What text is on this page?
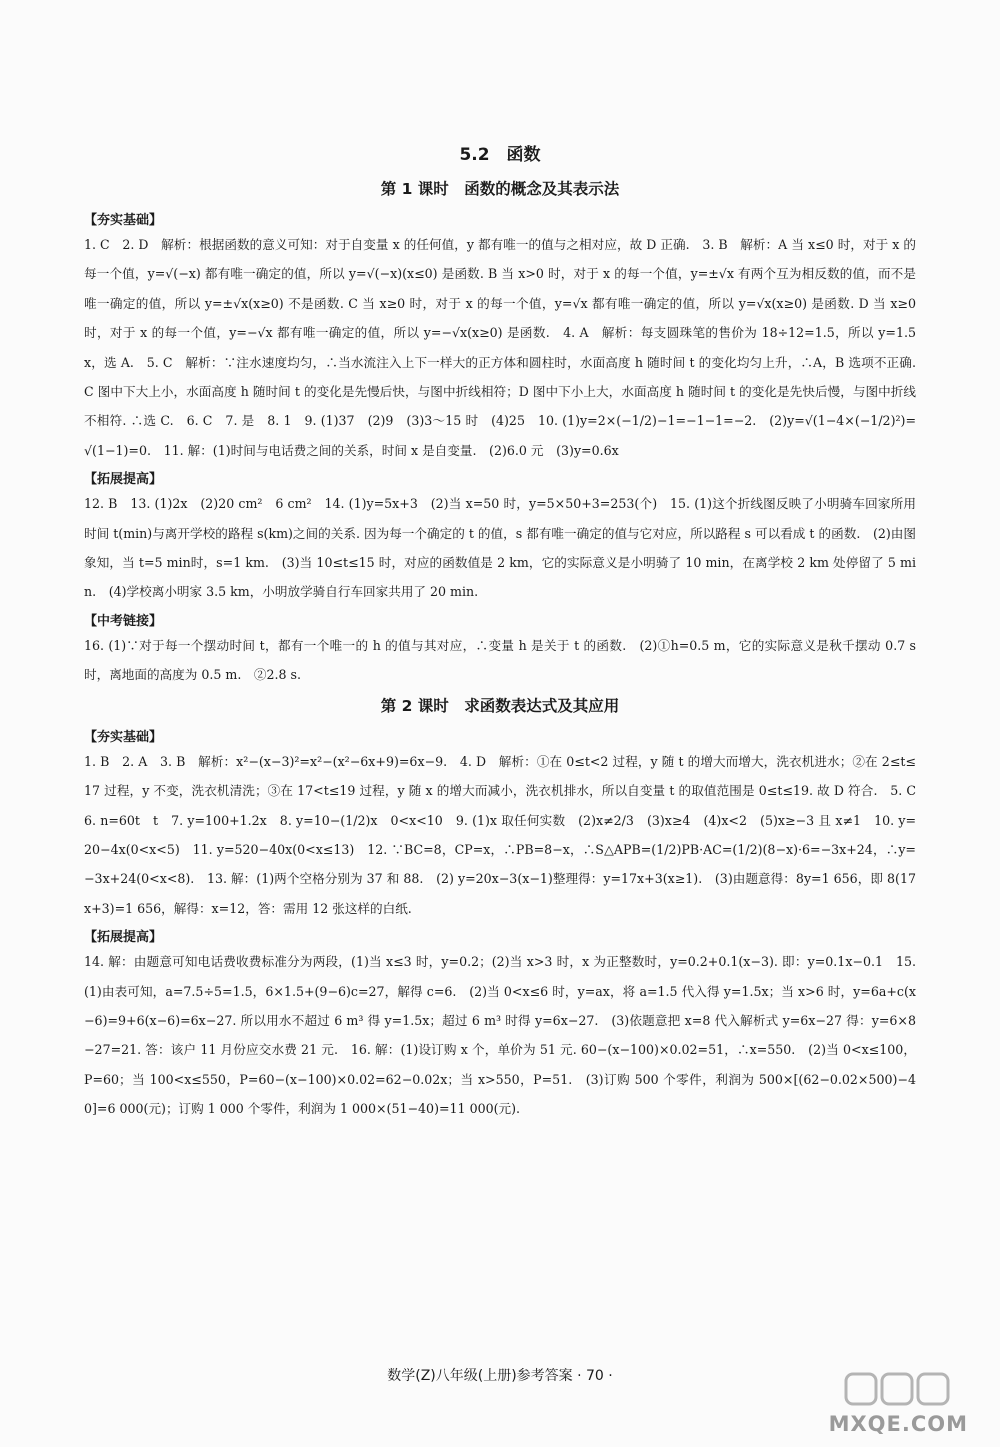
5.2　函数
第 1 课时　函数的概念及其表示法
【夯实基础】

1. C　2. D　解析：根据函数的意义可知：对于自变量 x 的任何值，y 都有唯一的值与之相对应，故 D 正确.　3. B　解析：A 当 x≤0 时，对于 x 的每一个值，y=√(−x) 都有唯一确定的值，所以 y=√(−x)(x≤0) 是函数. B 当 x>0 时，对于 x 的每一个值，y=±√x 有两个互为相反数的值，而不是唯一确定的值，所以 y=±√x(x≥0) 不是函数. C 当 x≥0 时，对于 x 的每一个值，y=√x 都有唯一确定的值，所以 y=√x(x≥0) 是函数. D 当 x≥0 时，对于 x 的每一个值，y=−√x 都有唯一确定的值，所以 y=−√x(x≥0) 是函数.　4. A　解析：每支圆珠笔的售价为 18÷12=1.5，所以 y=1.5x，选 A.　5. C　解析：∵注水速度均匀，∴当水流注入上下一样大的正方体和圆柱时，水面高度 h 随时间 t 的变化均匀上升，∴A，B 选项不正确. C 图中下大上小，水面高度 h 随时间 t 的变化是先慢后快，与图中折线相符；D 图中下小上大，水面高度 h 随时间 t 的变化是先快后慢，与图中折线不相符. ∴选 C.　6. C　7. 是　8. 1　9. (1)37　(2)9　(3)3～15 时　(4)25　10. (1)y=2×(−1/2)−1=−1−1=−2.　(2)y=√(1−4×(−1/2)²)=√(1−1)=0.　11. 解：(1)时间与电话费之间的关系，时间 x 是自变量.　(2)6.0 元　(3)y=0.6x

【拓展提高】

12. B　13. (1)2x　(2)20 cm²　6 cm²　14. (1)y=5x+3　(2)当 x=50 时，y=5×50+3=253(个)　15. (1)这个折线图反映了小明骑车回家所用时间 t(min)与离开学校的路程 s(km)之间的关系. 因为每一个确定的 t 的值，s 都有唯一确定的值与它对应，所以路程 s 可以看成 t 的函数.　(2)由图象知，当 t=5 min时，s=1 km.　(3)当 10≤t≤15 时，对应的函数值是 2 km，它的实际意义是小明骑了 10 min，在离学校 2 km 处停留了 5 min.　(4)学校离小明家 3.5 km，小明放学骑自行车回家共用了 20 min.

【中考链接】

16. (1)∵对于每一个摆动时间 t，都有一个唯一的 h 的值与其对应，∴变量 h 是关于 t 的函数.　(2)①h=0.5 m，它的实际意义是秋千摆动 0.7 s 时，离地面的高度为 0.5 m.　②2.8 s.

第 2 课时　求函数表达式及其应用
【夯实基础】

1. B　2. A　3. B　解析：x²−(x−3)²=x²−(x²−6x+9)=6x−9.　4. D　解析：①在 0≤t<2 过程，y 随 t 的增大而增大，洗衣机进水；②在 2≤t≤17 过程，y 不变，洗衣机清洗；③在 17<t≤19 过程，y 随 x 的增大而减小，洗衣机排水，所以自变量 t 的取值范围是 0≤t≤19. 故 D 符合.　5. C　6. n=60t　t　7. y=100+1.2x　8. y=10−(1/2)x　0<x<10　9. (1)x 取任何实数　(2)x≠2/3　(3)x≥4　(4)x<2　(5)x≥−3 且 x≠1　10. y=20−4x(0<x<5)　11. y=520−40x(0<x≤13)　12. ∵BC=8，CP=x，∴PB=8−x，∴S△APB=(1/2)PB·AC=(1/2)(8−x)·6=−3x+24，∴y=−3x+24(0<x<8).　13. 解：(1)两个空格分别为 37 和 88.　(2) y=20x−3(x−1)整理得：y=17x+3(x≥1).　(3)由题意得：8y=1 656，即 8(17x+3)=1 656，解得：x=12，答：需用 12 张这样的白纸.

【拓展提高】

14. 解：由题意可知电话费收费标准分为两段，(1)当 x≤3 时，y=0.2；(2)当 x>3 时，x 为正整数时，y=0.2+0.1(x−3). 即：y=0.1x−0.1　15. (1)由表可知，a=7.5÷5=1.5，6×1.5+(9−6)c=27，解得 c=6.　(2)当 0<x≤6 时，y=ax，将 a=1.5 代入得 y=1.5x；当 x>6 时，y=6a+c(x−6)=9+6(x−6)=6x−27. 所以用水不超过 6 m³ 得 y=1.5x；超过 6 m³ 时得 y=6x−27.　(3)依题意把 x=8 代入解析式 y=6x−27 得：y=6×8−27=21. 答：该户 11 月份应交水费 21 元.　16. 解：(1)设订购 x 个，单价为 51 元. 60−(x−100)×0.02=51，∴x=550.　(2)当 0<x≤100，P=60；当 100<x≤550，P=60−(x−100)×0.02=62−0.02x；当 x>550，P=51.　(3)订购 500 个零件，利润为 500×[(62−0.02×500)−40]=6 000(元)；订购 1 000 个零件，利润为 1 000×(51−40)=11 000(元).

数学(Z)八年级(上册)参考答案 · 70 ·
MXQE.COM
